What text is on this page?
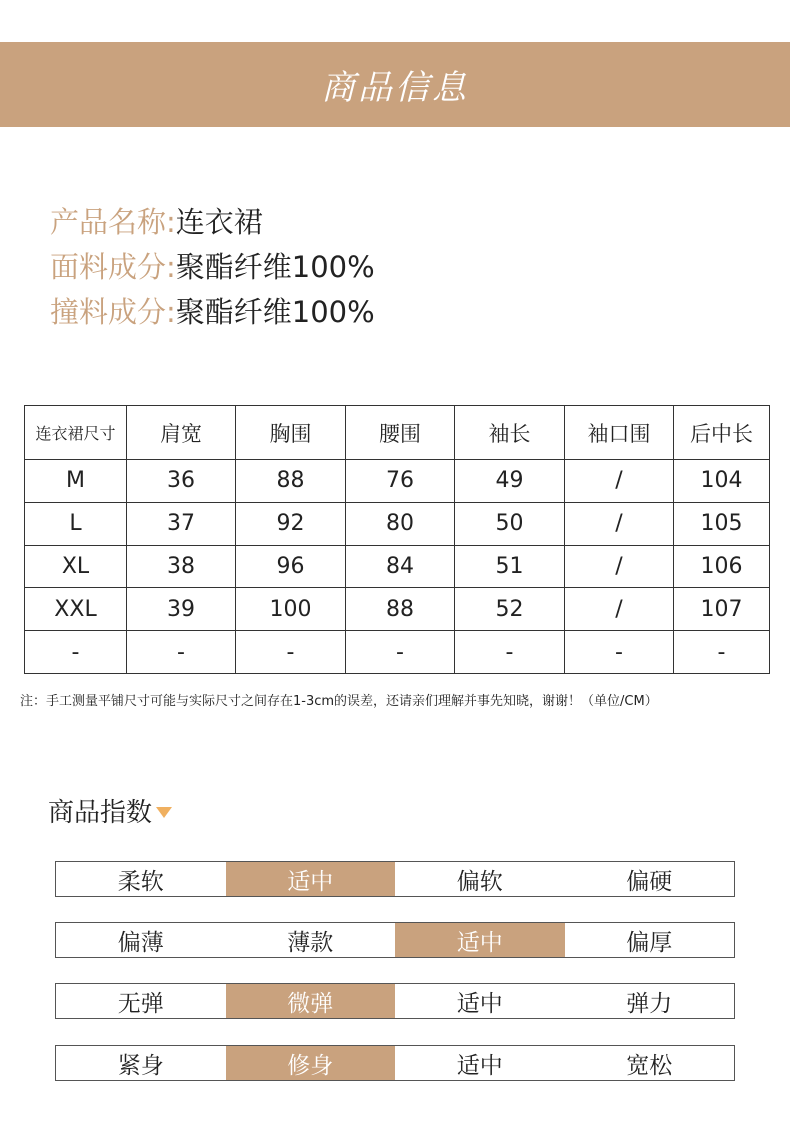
商品信息
产品名称:连衣裙
面料成分:聚酯纤维100%
撞料成分:聚酯纤维100%
连衣裙尺寸	肩宽	胸围	腰围	袖长	袖口围	后中长
M	36	88	76	49	/	104
L	37	92	80	50	/	105
XL	38	96	84	51	/	106
XXL	39	100	88	52	/	107
-	-	-	-	-	-	-
注：手工测量平铺尺寸可能与实际尺寸之间存在1-3cm的误差，还请亲们理解并事先知晓，谢谢！（单位/CM）
商品指数
柔软	适中	偏软	偏硬
偏薄	薄款	适中	偏厚
无弹	微弹	适中	弹力
紧身	修身	适中	宽松
